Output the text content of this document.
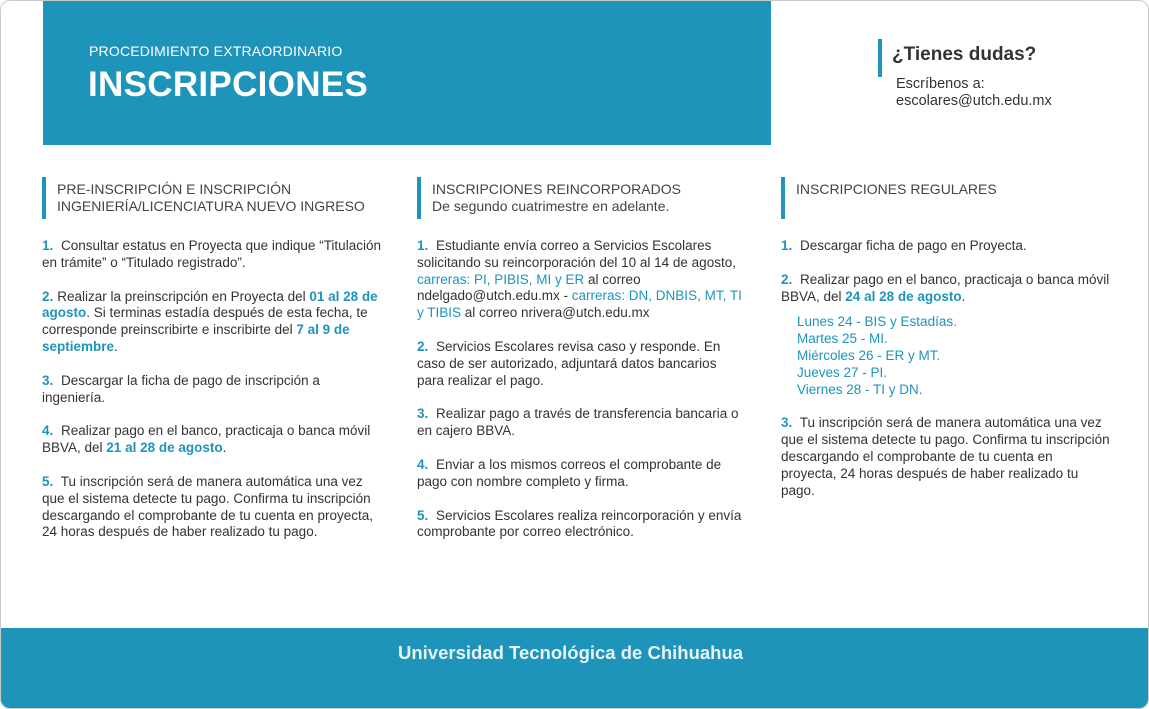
PROCEDIMIENTO EXTRAORDINARIO
INSCRIPCIONES
¿Tienes dudas?
Escríbenos a:
escolares@utch.edu.mx
PRE-INSCRIPCIÓN E INSCRIPCIÓN
INGENIERÍA/LICENCIATURA NUEVO INGRESO
1. Consultar estatus en Proyecta que indique “Titulación en trámite” o “Titulado registrado”.
2. Realizar la preinscripción en Proyecta del 01 al 28 de agosto. Si terminas estadía después de esta fecha, te corresponde preinscribirte e inscribirte del 7 al 9 de septiembre.
3. Descargar la ficha de pago de inscripción a ingeniería.
4. Realizar pago en el banco, practicaja o banca móvil BBVA, del 21 al 28 de agosto.
5. Tu inscripción será de manera automática una vez que el sistema detecte tu pago. Confirma tu inscripción descargando el comprobante de tu cuenta en proyecta, 24 horas después de haber realizado tu pago.
INSCRIPCIONES REINCORPORADOS
De segundo cuatrimestre en adelante.
1. Estudiante envía correo a Servicios Escolares solicitando su reincorporación del 10 al 14 de agosto, carreras: PI, PIBIS, MI y ER al correo ndelgado@utch.edu.mx - carreras: DN, DNBIS, MT, TI y TIBIS al correo nrivera@utch.edu.mx
2. Servicios Escolares revisa caso y responde. En caso de ser autorizado, adjuntará datos bancarios para realizar el pago.
3. Realizar pago a través de transferencia bancaria o en cajero BBVA.
4. Enviar a los mismos correos el comprobante de pago con nombre completo y firma.
5. Servicios Escolares realiza reincorporación y envía comprobante por correo electrónico.
INSCRIPCIONES REGULARES
1. Descargar ficha de pago en Proyecta.
2. Realizar pago en el banco, practicaja o banca móvil BBVA, del 24 al 28 de agosto.
Lunes 24 - BIS y Estadías.
Martes 25 - MI.
Miércoles 26 - ER y MT.
Jueves 27 - PI.
Viernes 28 - TI y DN.
3. Tu inscripción será de manera automática una vez que el sistema detecte tu pago. Confirma tu inscripción descargando el comprobante de tu cuenta en proyecta, 24 horas después de haber realizado tu pago.
Universidad Tecnológica de Chihuahua
